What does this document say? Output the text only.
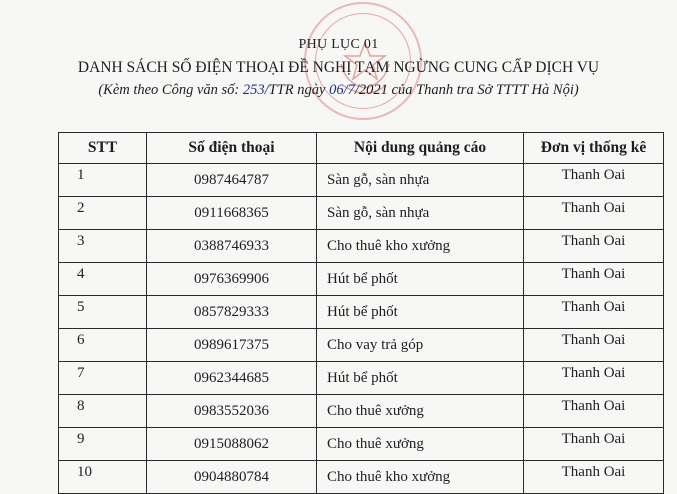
PHỤ LỤC 01
DANH SÁCH SỐ ĐIỆN THOẠI ĐỀ NGHỊ TẠM NGỪNG CUNG CẤP DỊCH VỤ
(Kèm theo Công văn số: 253/TTR ngày 06/7/2021 của Thanh tra Sở TTTT Hà Nội)
STT	Số điện thoại	Nội dung quảng cáo	Đơn vị thống kê
1	0987464787	Sàn gỗ, sàn nhựa	Thanh Oai
2	0911668365	Sàn gỗ, sàn nhựa	Thanh Oai
3	0388746933	Cho thuê kho xưởng	Thanh Oai
4	0976369906	Hút bể phốt	Thanh Oai
5	0857829333	Hút bể phốt	Thanh Oai
6	0989617375	Cho vay trả góp	Thanh Oai
7	0962344685	Hút bể phốt	Thanh Oai
8	0983552036	Cho thuê xưởng	Thanh Oai
9	0915088062	Cho thuê xưởng	Thanh Oai
10	0904880784	Cho thuê kho xưởng	Thanh Oai
